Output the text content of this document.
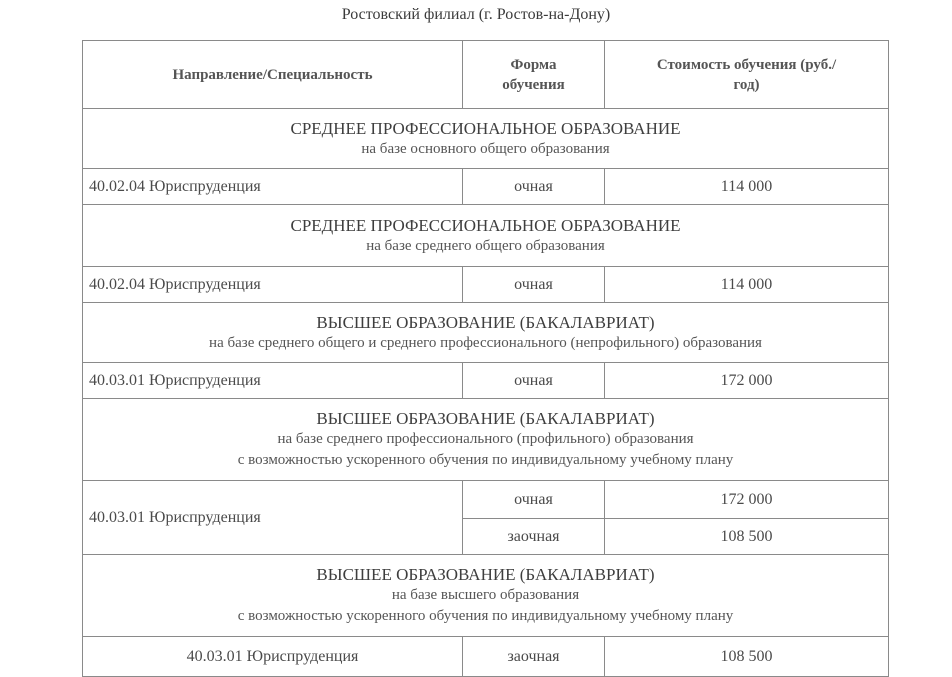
Ростовский филиал (г. Ростов-на-Дону)
Направление/Специальность	Форма обучения	Стоимость обучения (руб./год)

СРЕДНЕЕ ПРОФЕССИОНАЛЬНОЕ ОБРАЗОВАНИЕ
на базе основного общего образования		

40.02.04 Юриспруденция	очная	114 000

СРЕДНЕЕ ПРОФЕССИОНАЛЬНОЕ ОБРАЗОВАНИЕ
на базе среднего общего образования		

40.02.04 Юриспруденция	очная	114 000

ВЫСШЕЕ ОБРАЗОВАНИЕ (БАКАЛАВРИАТ)
на базе среднего общего и среднего профессионального (непрофильного) образования		

40.03.01 Юриспруденция	очная	172 000

ВЫСШЕЕ ОБРАЗОВАНИЕ (БАКАЛАВРИАТ)
на базе среднего профессионального (профильного) образования
с возможностью ускоренного обучения по индивидуальному учебному плану		

40.03.01 Юриспруденция	очная	172 000
	заочная	108 500

ВЫСШЕЕ ОБРАЗОВАНИЕ (БАКАЛАВРИАТ)
на базе высшего образования
с возможностью ускоренного обучения по индивидуальному учебному плану		

40.03.01 Юриспруденция	заочная	108 500
